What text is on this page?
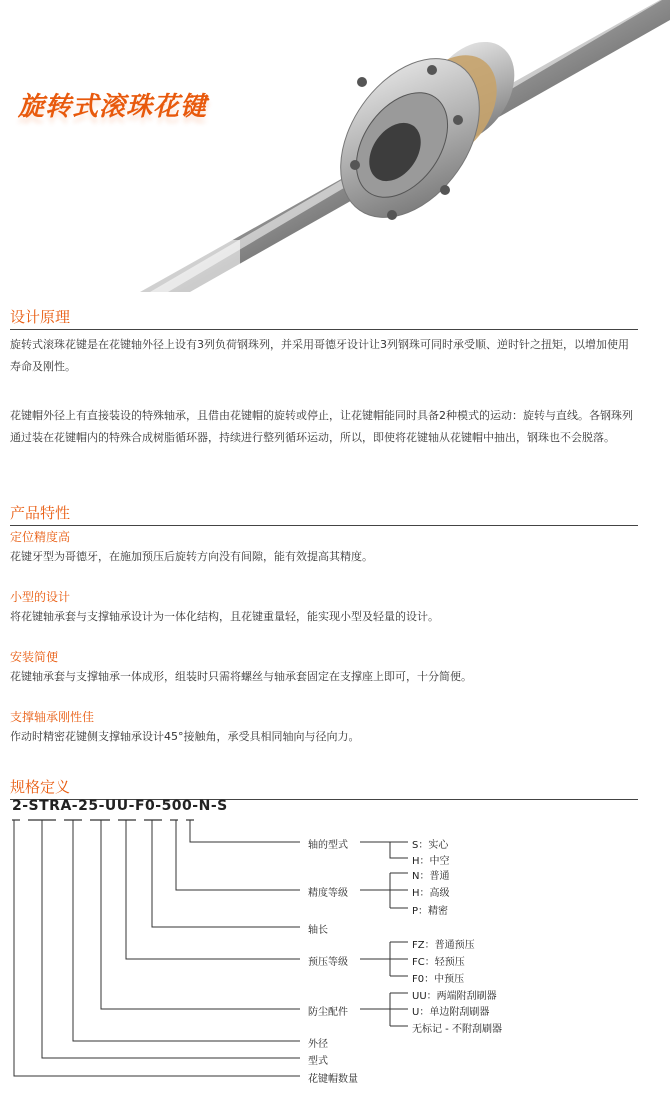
旋转式滚珠花键
设计原理

旋转式滚珠花键是在花键轴外径上设有3列负荷钢珠列，并采用哥德牙设计让3列钢珠可同时承受顺、逆时针之扭矩，以增加使用寿命及刚性。

花键帽外径上有直接装设的特殊轴承，且借由花键帽的旋转或停止，让花键帽能同时具备2种模式的运动：旋转与直线。各钢珠列通过装在花键帽内的特殊合成树脂循环器，持续进行整列循环运动，所以，即使将花键轴从花键帽中抽出，钢珠也不会脱落。

产品特性
定位精度高
花键牙型为哥德牙，在施加预压后旋转方向没有间隙，能有效提高其精度。
小型的设计
将花键轴承套与支撑轴承设计为一体化结构，且花键重量轻，能实现小型及轻量的设计。
安装简便
花键轴承套与支撑轴承一体成形，组装时只需将螺丝与轴承套固定在支撑座上即可，十分简便。
支撑轴承刚性佳
作动时精密花键侧支撑轴承设计45°接触角，承受具相同轴向与径向力。
规格定义
2-STRA-25-UU-F0-500-N-S
轴的型式
精度等级
轴长
预压等级
防尘配件
外径
型式
花键帽数量
S：实心
H：中空
N：普通
H：高级
P：精密
FZ：普通预压
FC：轻预压
F0：中预压
UU：两端附刮刷器
U：单边附刮刷器
无标记 - 不附刮刷器
